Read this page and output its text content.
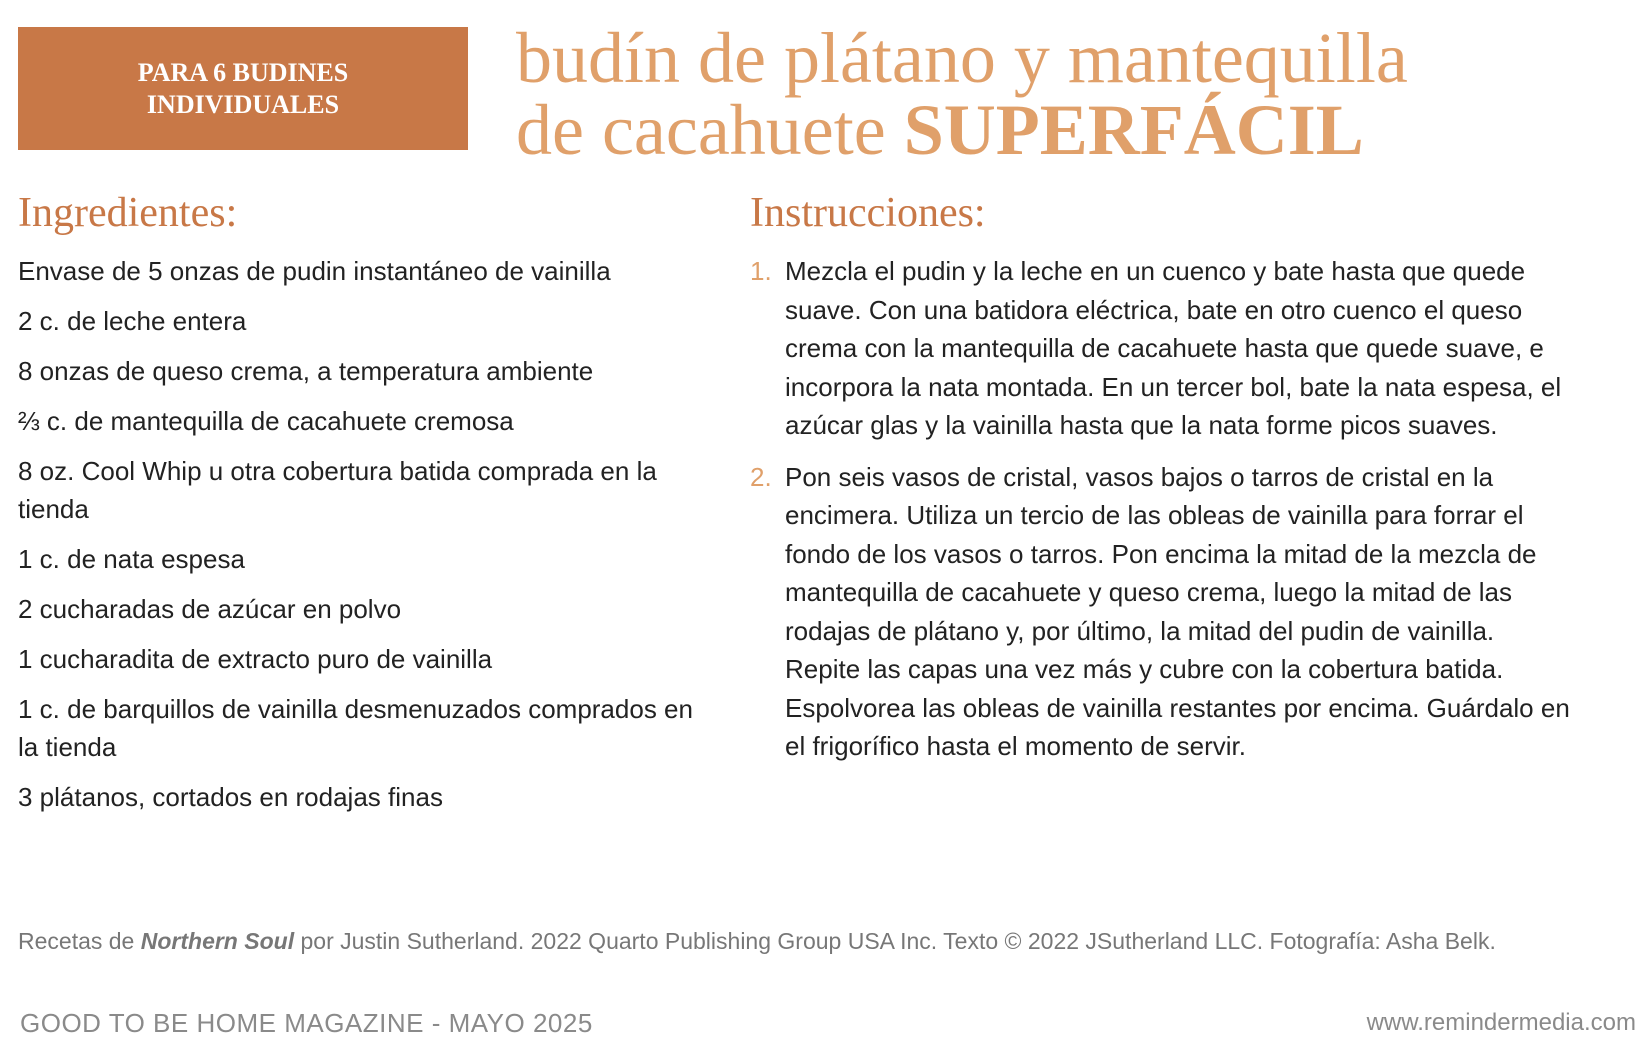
PARA 6 BUDINES
INDIVIDUALES
budín de plátano y mantequilla
de cacahuete SUPERFÁCIL
Ingredientes:	Instrucciones:
Envase de 5 onzas de pudin instantáneo de vainilla
2 c. de leche entera
8 onzas de queso crema, a temperatura ambiente
⅔ c. de mantequilla de cacahuete cremosa
8 oz. Cool Whip u otra cobertura batida comprada en la tienda
1 c. de nata espesa
2 cucharadas de azúcar en polvo
1 cucharadita de extracto puro de vainilla
1 c. de barquillos de vainilla desmenuzados comprados en la tienda
3 plátanos, cortados en rodajas finas
1. Mezcla el pudin y la leche en un cuenco y bate hasta que quede suave. Con una batidora eléctrica, bate en otro cuenco el queso crema con la mantequilla de cacahuete hasta que quede suave, e incorpora la nata montada. En un tercer bol, bate la nata espesa, el azúcar glas y la vainilla hasta que la nata forme picos suaves.
2. Pon seis vasos de cristal, vasos bajos o tarros de cristal en la encimera. Utiliza un tercio de las obleas de vainilla para forrar el fondo de los vasos o tarros. Pon encima la mitad de la mezcla de mantequilla de cacahuete y queso crema, luego la mitad de las rodajas de plátano y, por último, la mitad del pudin de vainilla. Repite las capas una vez más y cubre con la cobertura batida. Espolvorea las obleas de vainilla restantes por encima. Guárdalo en el frigorífico hasta el momento de servir.
Recetas de Northern Soul por Justin Sutherland. 2022 Quarto Publishing Group USA Inc. Texto © 2022 JSutherland LLC. Fotografía: Asha Belk.
GOOD TO BE HOME MAGAZINE - MAYO 2025	www.remindermedia.com
